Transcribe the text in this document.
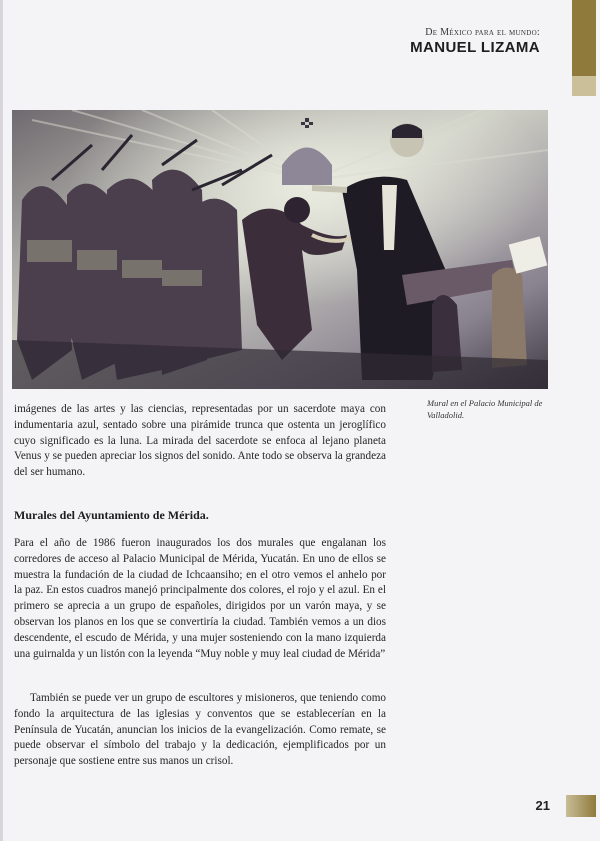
De México para el mundo:
MANUEL LIZAMA
Mural en el Palacio Municipal de Valladolid.
imágenes de las artes y las ciencias, representadas por un sacerdote maya con indumentaria azul, sentado sobre una pirámide trunca que ostenta un jeroglífico cuyo significado es la luna. La mirada del sacerdote se enfoca al lejano planeta Venus y se pueden apreciar los signos del sonido. Ante todo se observa la grandeza del ser humano.
Murales del Ayuntamiento de Mérida.
Para el año de 1986 fueron inaugurados los dos murales que engalanan los corredores de acceso al Palacio Municipal de Mérida, Yucatán. En uno de ellos se muestra la fundación de la ciudad de Ichcaansiho; en el otro vemos el anhelo por la paz. En estos cuadros manejó principalmente dos colores, el rojo y el azul. En el primero se aprecia a un grupo de españoles, dirigidos por un varón maya, y se observan los planos en los que se convertiría la ciudad. También vemos a un dios descendente, el escudo de Mérida, y una mujer sosteniendo con la mano izquierda una guirnalda y un listón con la leyenda “Muy noble y muy leal ciudad de Mérida”
También se puede ver un grupo de escultores y misioneros, que teniendo como fondo la arquitectura de las iglesias y conventos que se establecerían en la Península de Yucatán, anuncian los inicios de la evangelización. Como remate, se puede observar el símbolo del trabajo y la dedicación, ejemplificados por un personaje que sostiene entre sus manos un crisol.
21
